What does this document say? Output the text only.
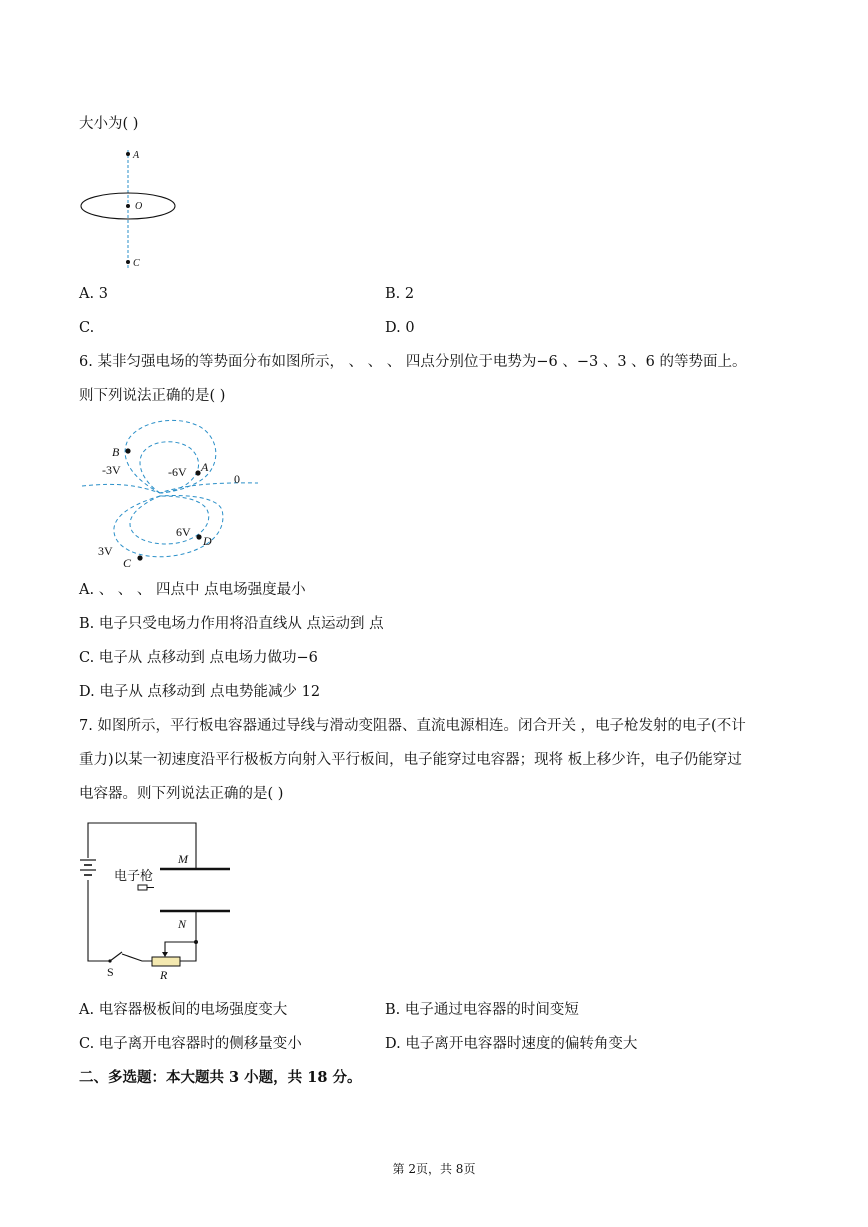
大小为( )
A
O
C
A. 3	B. 2
C.	D. 0
6. 某非匀强电场的等势面分布如图所示， 、 、 、 四点分别位于电势为−6 、−3 、3 、6 的等势面上。
则下列说法正确的是( )
B
-3V	-6V A
0
6V
D
3V
C
A. 、 、 、 四点中 点电场强度最小
B. 电子只受电场力作用将沿直线从 点运动到 点
C. 电子从 点移动到 点电场力做功−6
D. 电子从 点移动到 点电势能减少 12
7. 如图所示，平行板电容器通过导线与滑动变阻器、直流电源相连。闭合开关 ，电子枪发射的电子(不计
重力)以某一初速度沿平行极板方向射入平行板间，电子能穿过电容器；现将 板上移少许，电子仍能穿过
电容器。则下列说法正确的是( )
M
电子枪
N
S	R
A. 电容器极板间的电场强度变大	B. 电子通过电容器的时间变短
C. 电子离开电容器时的侧移量变小	D. 电子离开电容器时速度的偏转角变大
二、多选题：本大题共 3 小题，共 18 分。
第 2页，共 8页
